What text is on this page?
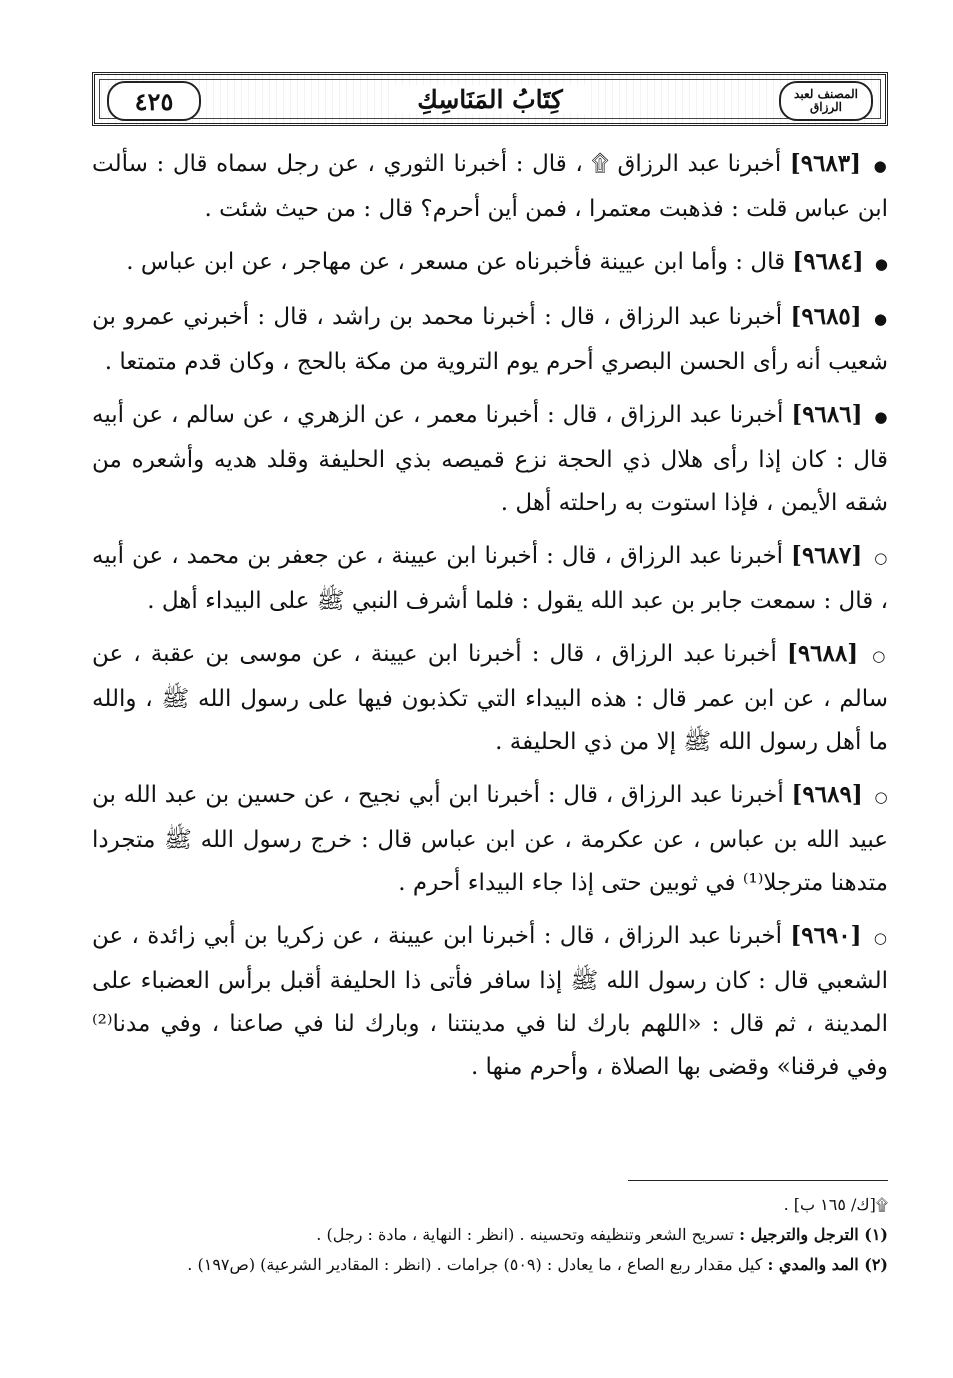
٤٢٥	كِتَابُ المَنَاسِكِ	المصنف لعبد الرزاق

● [٩٦٨٣] أخبرنا عبد الرزاق ۩ ، قال : أخبرنا الثوري ، عن رجل سماه قال : سألت ابن عباس قلت : فذهبت معتمرا ، فمن أين أحرم؟ قال : من حيث شئت .

● [٩٦٨٤] قال : وأما ابن عيينة فأخبرناه عن مسعر ، عن مهاجر ، عن ابن عباس .

● [٩٦٨٥] أخبرنا عبد الرزاق ، قال : أخبرنا محمد بن راشد ، قال : أخبرني عمرو بن شعيب أنه رأى الحسن البصري أحرم يوم التروية من مكة بالحج ، وكان قدم متمتعا .

● [٩٦٨٦] أخبرنا عبد الرزاق ، قال : أخبرنا معمر ، عن الزهري ، عن سالم ، عن أبيه قال : كان إذا رأى هلال ذي الحجة نزع قميصه بذي الحليفة وقلد هديه وأشعره من شقه الأيمن ، فإذا استوت به راحلته أهل .

○ [٩٦٨٧] أخبرنا عبد الرزاق ، قال : أخبرنا ابن عيينة ، عن جعفر بن محمد ، عن أبيه ، قال : سمعت جابر بن عبد الله يقول : فلما أشرف النبي ﷺ على البيداء أهل .

○ [٩٦٨٨] أخبرنا عبد الرزاق ، قال : أخبرنا ابن عيينة ، عن موسى بن عقبة ، عن سالم ، عن ابن عمر قال : هذه البيداء التي تكذبون فيها على رسول الله ﷺ ، والله ما أهل رسول الله ﷺ إلا من ذي الحليفة .

○ [٩٦٨٩] أخبرنا عبد الرزاق ، قال : أخبرنا ابن أبي نجيح ، عن حسين بن عبد الله بن عبيد الله بن عباس ، عن عكرمة ، عن ابن عباس قال : خرج رسول الله ﷺ متجردا متدهنا مترجلا⁽¹⁾ في ثوبين حتى إذا جاء البيداء أحرم .

○ [٩٦٩٠] أخبرنا عبد الرزاق ، قال : أخبرنا ابن عيينة ، عن زكريا بن أبي زائدة ، عن الشعبي قال : كان رسول الله ﷺ إذا سافر فأتى ذا الحليفة أقبل برأس العضباء على المدينة ، ثم قال : «اللهم بارك لنا في مدينتنا ، وبارك لنا في صاعنا ، وفي مدنا⁽²⁾ وفي فرقنا» وقضى بها الصلاة ، وأحرم منها .

۩[ك/ ١٦٥ ب] .
(١) الترجل والترجيل : تسريح الشعر وتنظيفه وتحسينه . (انظر : النهاية ، مادة : رجل) .
(٢) المد والمدي : كيل مقدار ربع الصاع ، ما يعادل : (٥٠٩) جرامات . (انظر : المقادير الشرعية) (ص١٩٧) .
